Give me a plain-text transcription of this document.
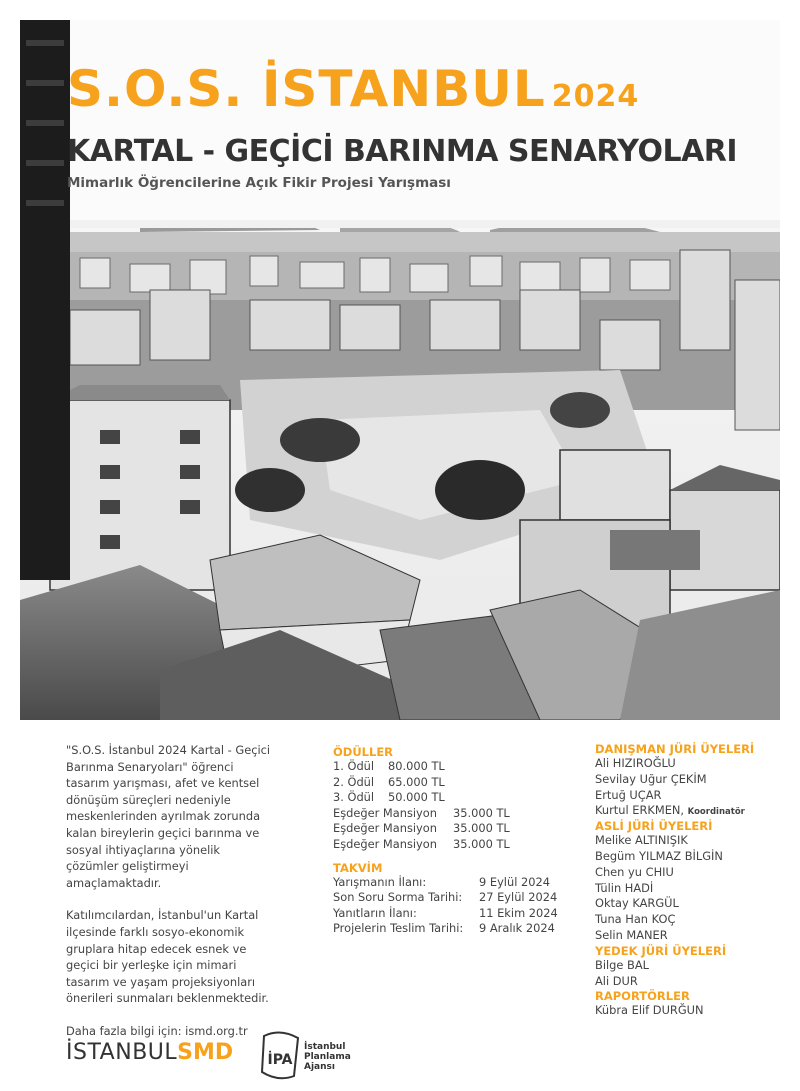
S.O.S. İSTANBUL 2024
KARTAL - GEÇİCİ BARINMA SENARYOLARI
Mimarlık Öğrencilerine Açık Fikir Projesi Yarışması

"S.O.S. İstanbul 2024 Kartal - Geçici Barınma Senaryoları" öğrenci tasarım yarışması, afet ve kentsel dönüşüm süreçleri nedeniyle meskenlerinden ayrılmak zorunda kalan bireylerin geçici barınma ve sosyal ihtiyaçlarına yönelik çözümler geliştirmeyi amaçlamaktadır.

Katılımcılardan, İstanbul'un Kartal ilçesinde farklı sosyo-ekonomik gruplara hitap edecek esnek ve geçici bir yerleşke için mimari tasarım ve yaşam projeksiyonları önerileri sunmaları beklenmektedir.

Daha fazla bilgi için: ismd.org.tr

ÖDÜLLER
1. Ödül 80.000 TL
2. Ödül 65.000 TL
3. Ödül 50.000 TL
Eşdeğer Mansiyon 35.000 TL
Eşdeğer Mansiyon 35.000 TL
Eşdeğer Mansiyon 35.000 TL
TAKVİM
Yarışmanın İlanı:	9 Eylül 2024
Son Soru Sorma Tarihi: 27 Eylül 2024
Yanıtların İlanı:	11 Ekim 2024
Projelerin Teslim Tarihi: 9 Aralık 2024
DANIŞMAN JÜRİ ÜYELERİ
Ali HIZIROĞLU
Sevilay Uğur ÇEKİM
Ertuğ UÇAR
Kurtul ERKMEN, Koordinatör
ASLİ JÜRİ ÜYELERİ
Melike ALTINIŞIK
Begüm YILMAZ BİLGİN
Chen yu CHIU
Tülin HADİ
Oktay KARGÜL
Tuna Han KOÇ
Selin MANER
YEDEK JÜRİ ÜYELERİ
Bilge BAL
Ali DUR
RAPORTÖRLER
Kübra Elif DURĞUN
İSTANBULSMD İPA
İstanbul
Planlama
Ajansı
